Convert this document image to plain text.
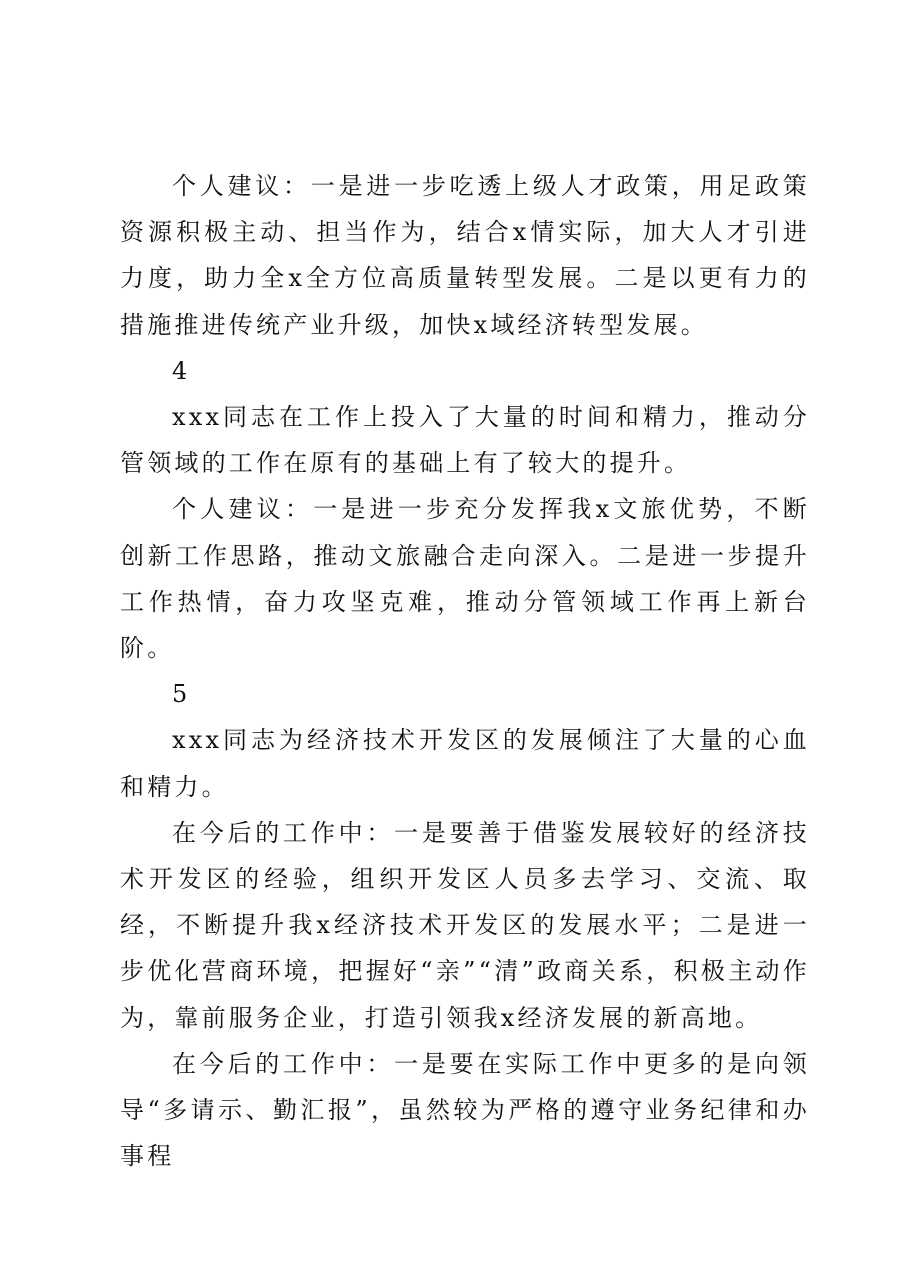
个人建议：一是进一步吃透上级人才政策，用足政策资源积极主动、担当作为，结合x情实际，加大人才引进力度，助力全x全方位高质量转型发展。二是以更有力的措施推进传统产业升级，加快x域经济转型发展。

4

xxx同志在工作上投入了大量的时间和精力，推动分管领域的工作在原有的基础上有了较大的提升。

个人建议：一是进一步充分发挥我x文旅优势，不断创新工作思路，推动文旅融合走向深入。二是进一步提升工作热情，奋力攻坚克难，推动分管领域工作再上新台阶。

5

xxx同志为经济技术开发区的发展倾注了大量的心血和精力。

在今后的工作中：一是要善于借鉴发展较好的经济技术开发区的经验，组织开发区人员多去学习、交流、取经，不断提升我x经济技术开发区的发展水平；二是进一步优化营商环境，把握好“亲”“清”政商关系，积极主动作为，靠前服务企业，打造引领我x经济发展的新高地。

在今后的工作中：一是要在实际工作中更多的是向领导“多请示、勤汇报”，虽然较为严格的遵守业务纪律和办事程
